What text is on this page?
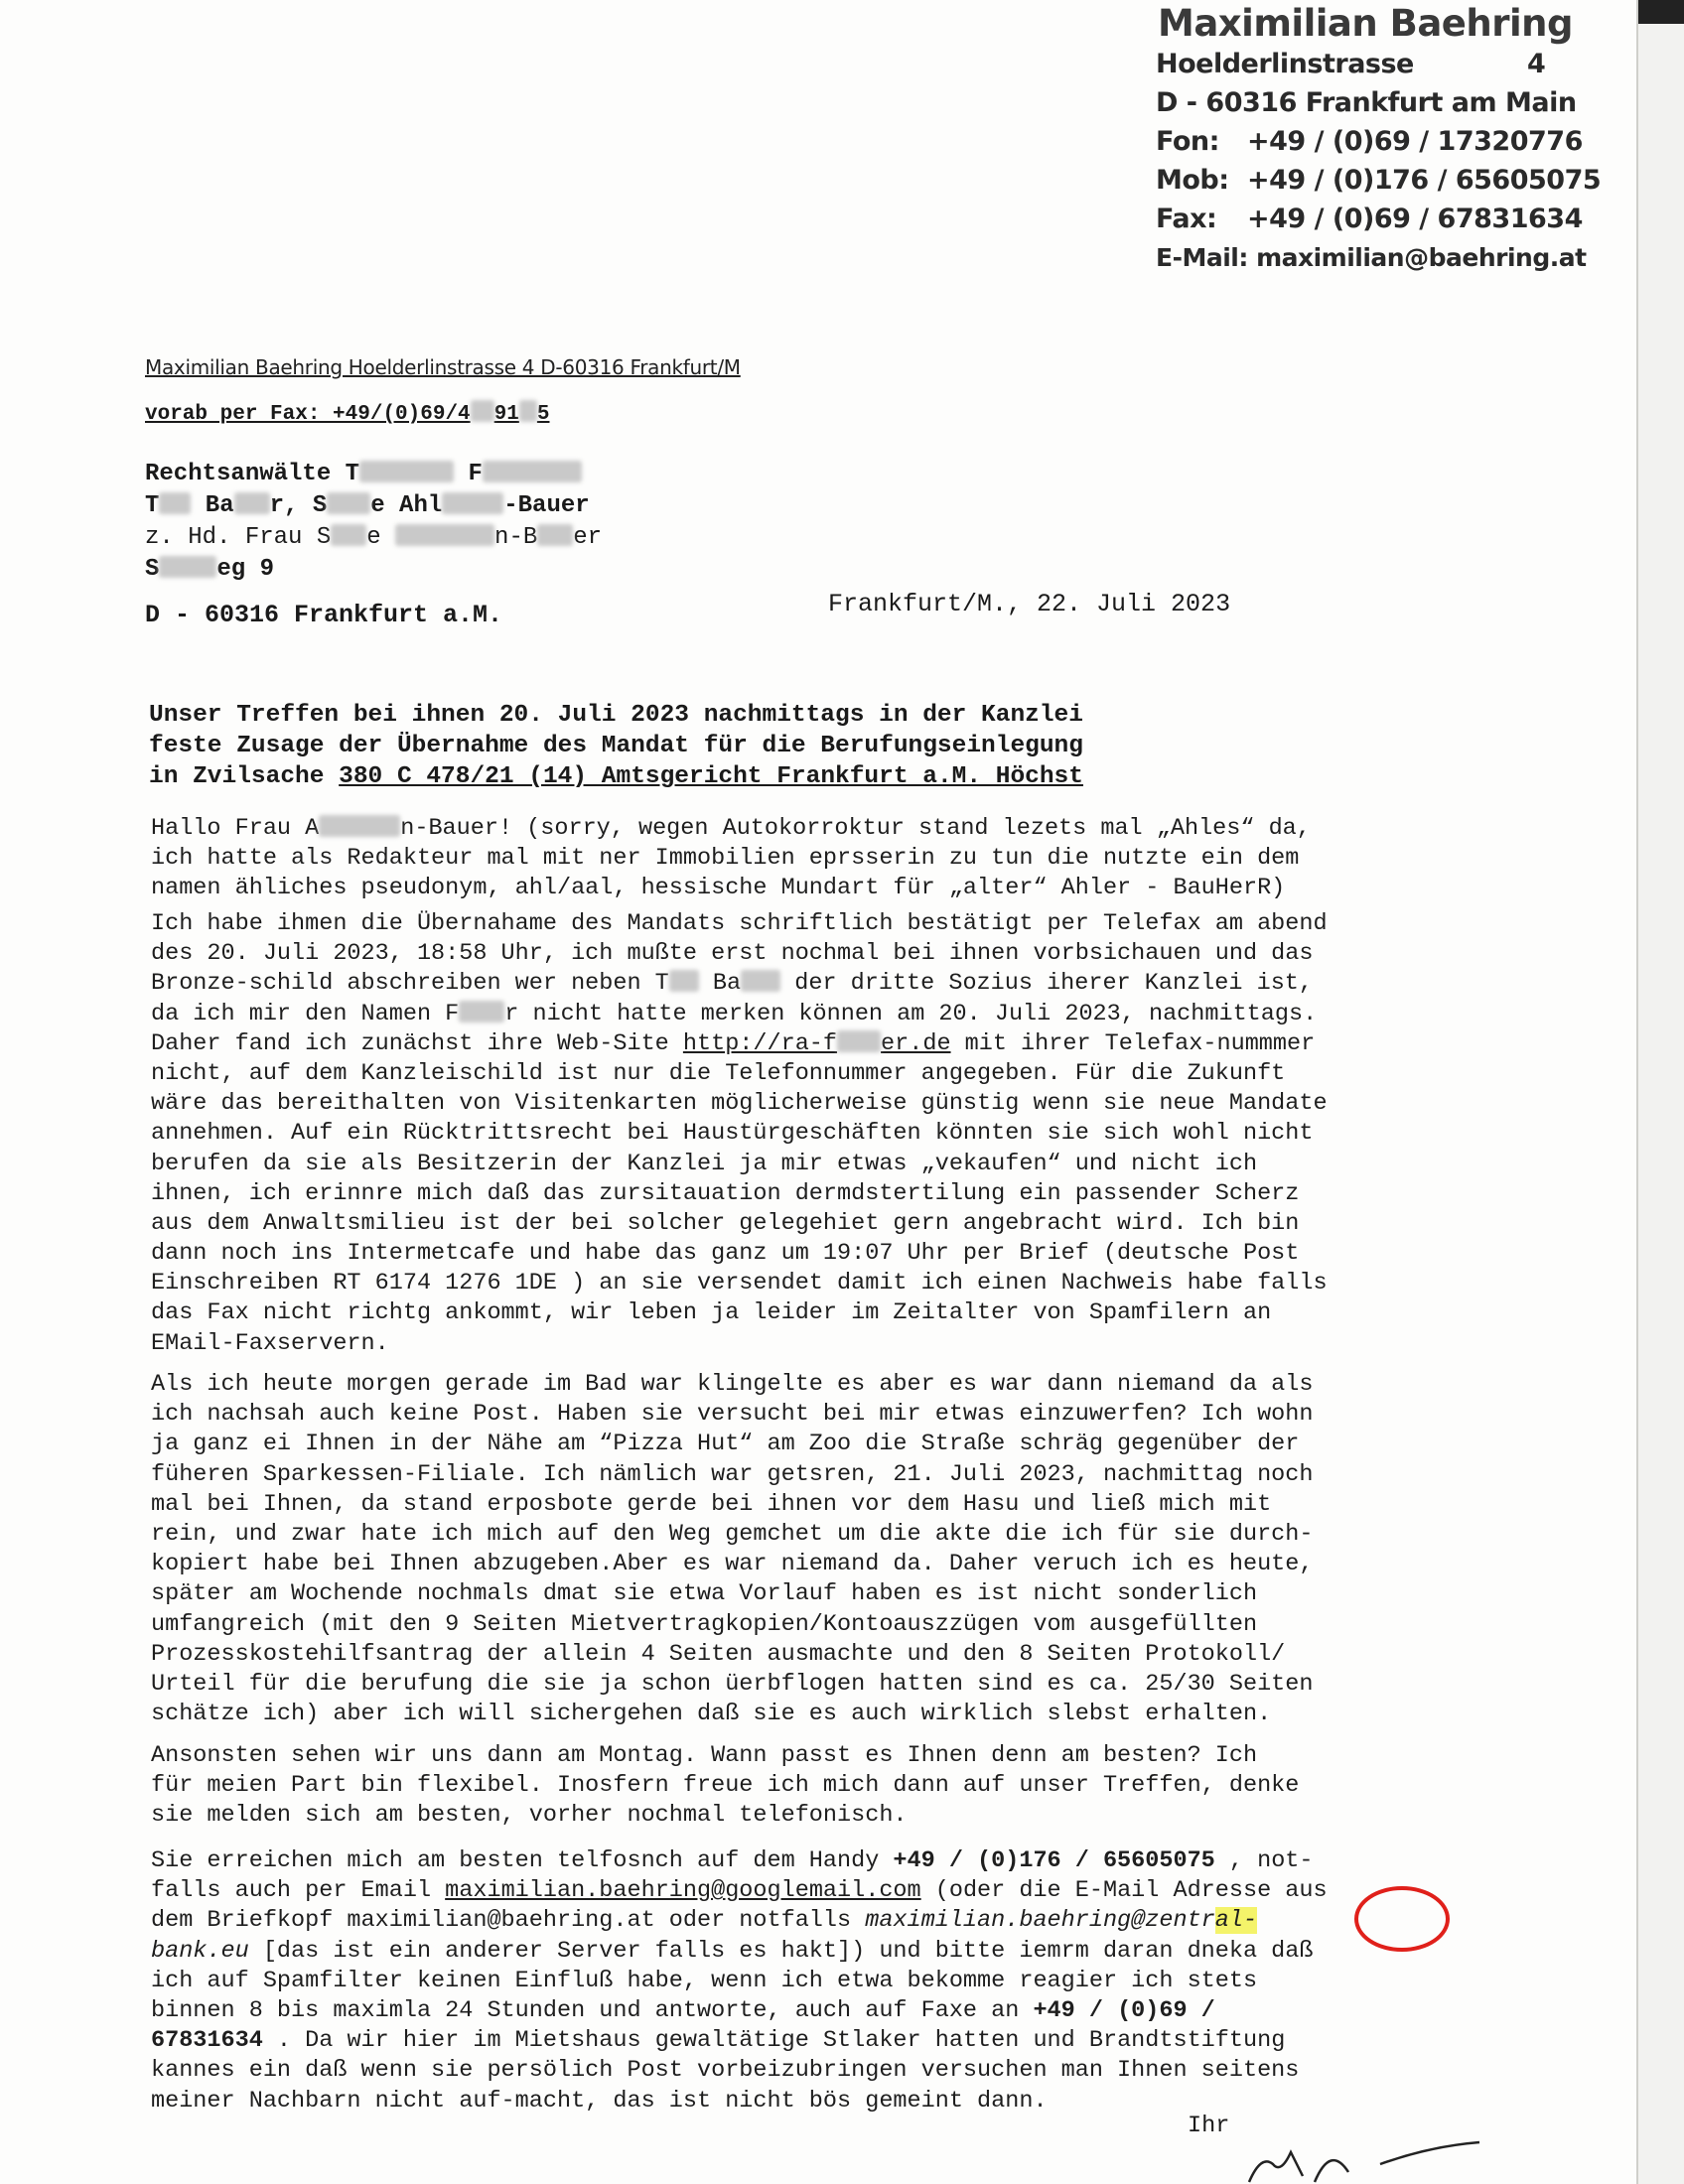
Maximilian Baehring
Hoelderlinstrasse	4
D - 60316 Frankfurt am Main
Fon: +49 / (0)69 / 17320776
Mob: +49 / (0)176 / 65605075
Fax: +49 / (0)69 / 67831634
E-Mail: maximilian@baehring.at
Maximilian Baehring Hoelderlinstrasse 4 D-60316 Frankfurt/M
vorab per Fax: +49/(0)69/4 91 5
Rechtsanwälte T	F
T Ba r, S e Ahl	-Bauer
z. Hd. Frau S e	n-B er
S eg 9
D - 60316 Frankfurt a.M.	Frankfurt/M., 22. Juli 2023
Unser Treffen bei ihnen 20. Juli 2023 nachmittags in der Kanzlei
feste Zusage der Übernahme des Mandat für die Berufungseinlegung
in Zvilsache 380 C 478/21 (14) Amtsgericht Frankfurt a.M. Höchst
Hallo Frau A	n-Bauer! (sorry, wegen Autokorroktur stand lezets mal „Ahles“ da,
ich hatte als Redakteur mal mit ner Immobilien eprsserin zu tun die nutzte ein dem
namen ähliches pseudonym, ahl/aal, hessische Mundart für „alter“ Ahler - BauHerR)
Ich habe ihmen die Übernahame des Mandats schriftlich bestätigt per Telefax am abend
des 20. Juli 2023, 18:58 Uhr, ich mußte erst nochmal bei ihnen vorbsichauen und das
Bronze-schild abschreiben wer neben T Ba der dritte Sozius iherer Kanzlei ist,
da ich mir den Namen F r nicht hatte merken können am 20. Juli 2023, nachmittags.
Daher fand ich zunächst ihre Web-Site http://ra-f er.de mit ihrer Telefax-nummmer
nicht, auf dem Kanzleischild ist nur die Telefonnummer angegeben. Für die Zukunft
wäre das bereithalten von Visitenkarten möglicherweise günstig wenn sie neue Mandate
annehmen. Auf ein Rücktrittsrecht bei Haustürgeschäften könnten sie sich wohl nicht
berufen da sie als Besitzerin der Kanzlei ja mir etwas „vekaufen“ und nicht ich
ihnen, ich erinnre mich daß das zursitauation dermdstertilung ein passender Scherz
aus dem Anwaltsmilieu ist der bei solcher gelegehiet gern angebracht wird. Ich bin
dann noch ins Intermetcafe und habe das ganz um 19:07 Uhr per Brief (deutsche Post
Einschreiben RT 6174 1276 1DE ) an sie versendet damit ich einen Nachweis habe falls
das Fax nicht richtg ankommt, wir leben ja leider im Zeitalter von Spamfilern an
EMail-Faxservern.
Als ich heute morgen gerade im Bad war klingelte es aber es war dann niemand da als
ich nachsah auch keine Post. Haben sie versucht bei mir etwas einzuwerfen? Ich wohn
ja ganz ei Ihnen in der Nähe am “Pizza Hut“ am Zoo die Straße schräg gegenüber der
füheren Sparkessen-Filiale. Ich nämlich war getsren, 21. Juli 2023, nachmittag noch
mal bei Ihnen, da stand erposbote gerde bei ihnen vor dem Hasu und ließ mich mit
rein, und zwar hate ich mich auf den Weg gemchet um die akte die ich für sie durch-
kopiert habe bei Ihnen abzugeben.Aber es war niemand da. Daher veruch ich es heute,
später am Wochende nochmals dmat sie etwa Vorlauf haben es ist nicht sonderlich
umfangreich (mit den 9 Seiten Mietvertragkopien/Kontoauszzügen vom ausgefüllten
Prozesskostehilfsantrag der allein 4 Seiten ausmachte und den 8 Seiten Protokoll/
Urteil für die berufung die sie ja schon üerbflogen hatten sind es ca. 25/30 Seiten
schätze ich) aber ich will sichergehen daß sie es auch wirklich slebst erhalten.
Ansonsten sehen wir uns dann am Montag. Wann passt es Ihnen denn am besten? Ich
für meien Part bin flexibel. Inosfern freue ich mich dann auf unser Treffen, denke
sie melden sich am besten, vorher nochmal telefonisch.
Sie erreichen mich am besten telfosnch auf dem Handy +49 / (0)176 / 65605075 , not-
falls auch per Email maximilian.baehring@googlemail.com (oder die E-Mail Adresse aus
dem Briefkopf maximilian@baehring.at oder notfalls maximilian.baehring@zentral-
bank.eu [das ist ein anderer Server falls es hakt]) und bitte iemrm daran dneka daß
ich auf Spamfilter keinen Einfluß habe, wenn ich etwa bekomme reagier ich stets
binnen 8 bis maximla 24 Stunden und antworte, auch auf Faxe an +49 / (0)69 /
67831634 . Da wir hier im Mietshaus gewaltätige Stlaker hatten und Brandtstiftung
kannes ein daß wenn sie persölich Post vorbeizubringen versuchen man Ihnen seitens
meiner Nachbarn nicht auf-macht, das ist nicht bös gemeint dann.
Ihr
